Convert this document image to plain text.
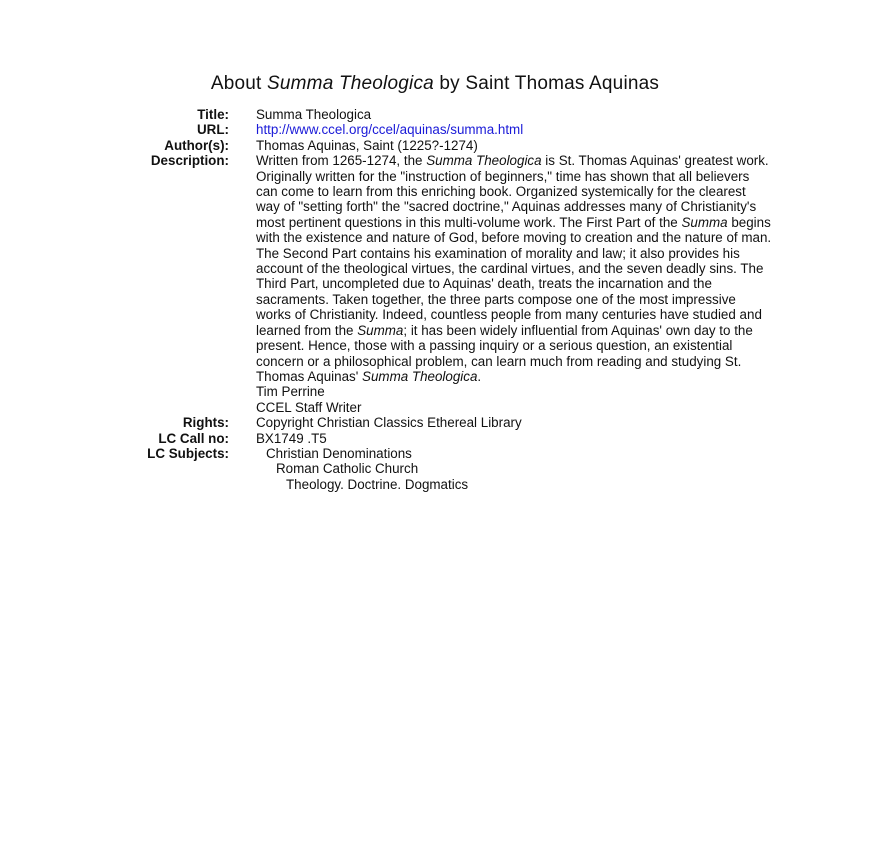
About Summa Theologica by Saint Thomas Aquinas
Title:	Summa Theologica
URL:	http://www.ccel.org/ccel/aquinas/summa.html
Author(s):	Thomas Aquinas, Saint (1225?-1274)
Description:	Written from 1265-1274, the Summa Theologica is St. Thomas Aquinas' greatest work. Originally written for the "instruction of beginners," time has shown that all believers can come to learn from this enriching book. Organized systemically for the clearest way of "setting forth" the "sacred doctrine," Aquinas addresses many of Christianity's most pertinent questions in this multi-volume work. The First Part of the Summa begins with the existence and nature of God, before moving to creation and the nature of man. The Second Part contains his examination of morality and law; it also provides his account of the theological virtues, the cardinal virtues, and the seven deadly sins. The Third Part, uncompleted due to Aquinas' death, treats the incarnation and the sacraments. Taken together, the three parts compose one of the most impressive works of Christianity. Indeed, countless people from many centuries have studied and learned from the Summa; it has been widely influential from Aquinas' own day to the present. Hence, those with a passing inquiry or a serious question, an existential concern or a philosophical problem, can learn much from reading and studying St. Thomas Aquinas' Summa Theologica.
Tim Perrine
CCEL Staff Writer
Rights:	Copyright Christian Classics Ethereal Library
LC Call no:	BX1749 .T5
LC Subjects:	Christian Denominations
Roman Catholic Church
Theology. Doctrine. Dogmatics
